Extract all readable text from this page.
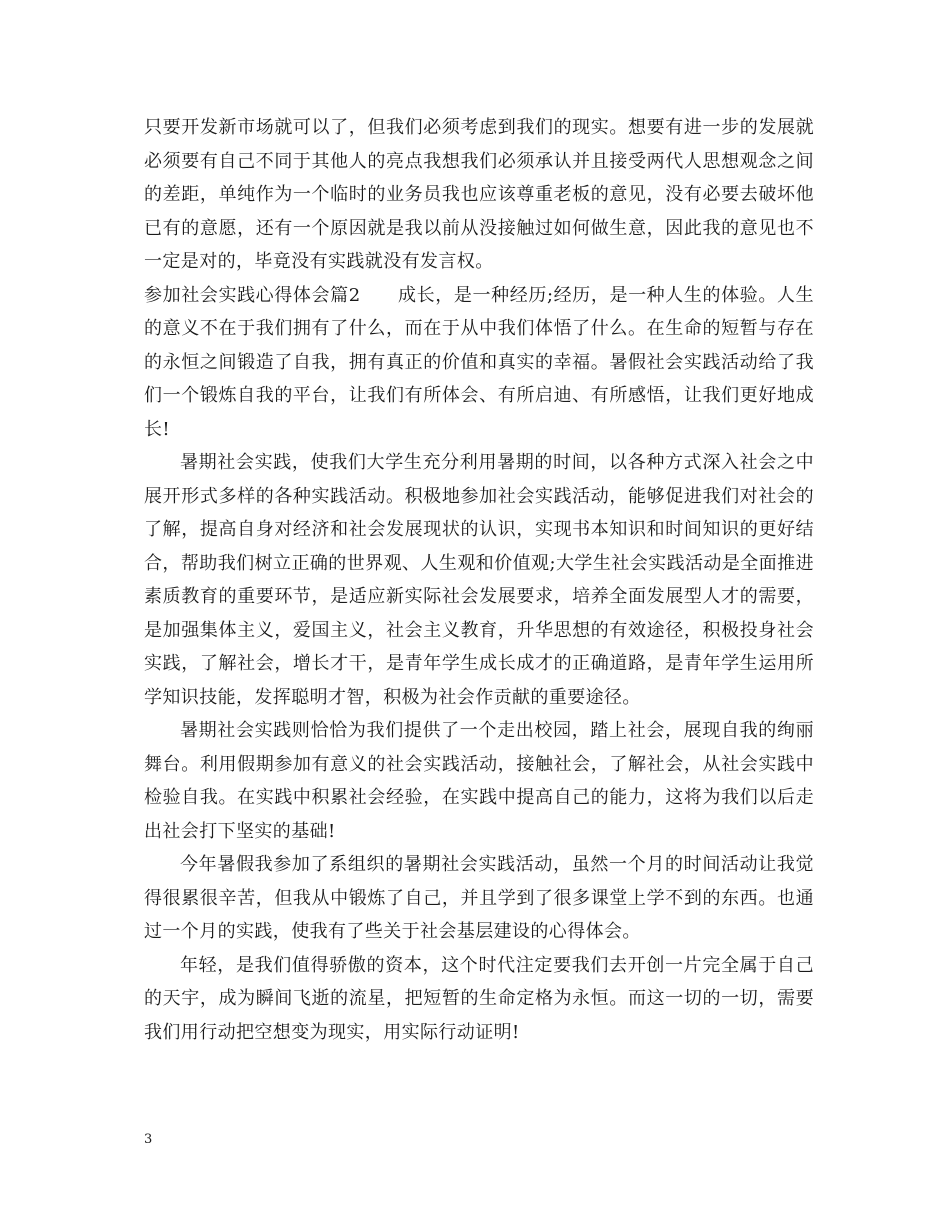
只要开发新市场就可以了，但我们必须考虑到我们的现实。想要有进一步的发展就必须要有自己不同于其他人的亮点我想我们必须承认并且接受两代人思想观念之间的差距，单纯作为一个临时的业务员我也应该尊重老板的意见，没有必要去破坏他已有的意愿，还有一个原因就是我以前从没接触过如何做生意，因此我的意见也不一定是对的，毕竟没有实践就没有发言权。

参加社会实践心得体会篇2　　成长，是一种经历;经历，是一种人生的体验。人生的意义不在于我们拥有了什么，而在于从中我们体悟了什么。在生命的短暂与存在的永恒之间锻造了自我，拥有真正的价值和真实的幸福。暑假社会实践活动给了我们一个锻炼自我的平台，让我们有所体会、有所启迪、有所感悟，让我们更好地成长!

暑期社会实践，使我们大学生充分利用暑期的时间，以各种方式深入社会之中展开形式多样的各种实践活动。积极地参加社会实践活动，能够促进我们对社会的了解，提高自身对经济和社会发展现状的认识，实现书本知识和时间知识的更好结合，帮助我们树立正确的世界观、人生观和价值观;大学生社会实践活动是全面推进素质教育的重要环节，是适应新实际社会发展要求，培养全面发展型人才的需要，是加强集体主义，爱国主义，社会主义教育，升华思想的有效途径，积极投身社会实践，了解社会，增长才干，是青年学生成长成才的正确道路，是青年学生运用所学知识技能，发挥聪明才智，积极为社会作贡献的重要途径。

暑期社会实践则恰恰为我们提供了一个走出校园，踏上社会，展现自我的绚丽舞台。利用假期参加有意义的社会实践活动，接触社会，了解社会，从社会实践中检验自我。在实践中积累社会经验，在实践中提高自己的能力，这将为我们以后走出社会打下坚实的基础!

今年暑假我参加了系组织的暑期社会实践活动，虽然一个月的时间活动让我觉得很累很辛苦，但我从中锻炼了自己，并且学到了很多课堂上学不到的东西。也通过一个月的实践，使我有了些关于社会基层建设的心得体会。

年轻，是我们值得骄傲的资本，这个时代注定要我们去开创一片完全属于自己的天宇，成为瞬间飞逝的流星，把短暂的生命定格为永恒。而这一切的一切，需要我们用行动把空想变为现实，用实际行动证明!

3
